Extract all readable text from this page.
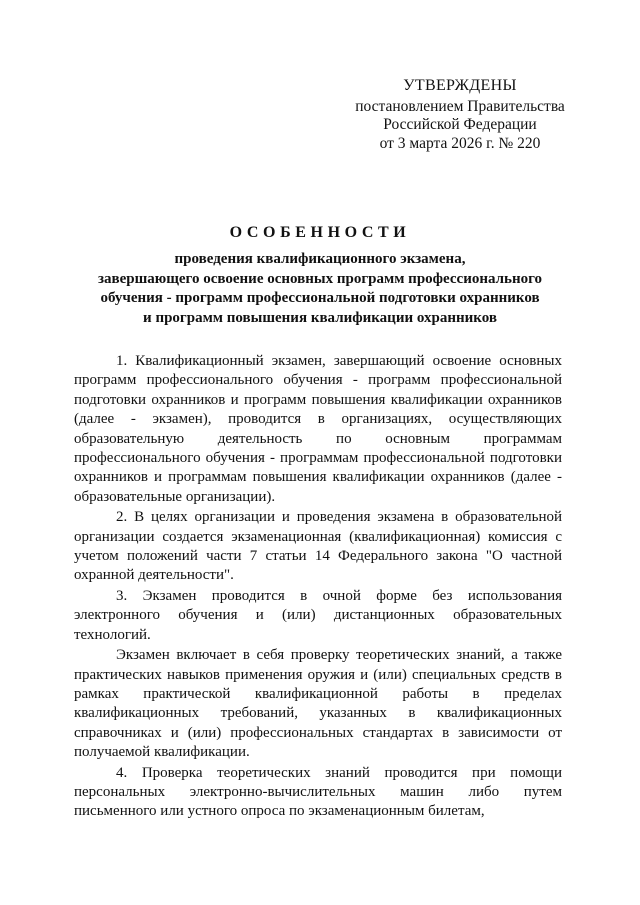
УТВЕРЖДЕНЫ
постановлением Правительства
Российской Федерации
от 3 марта 2026 г. № 220
ОСОБЕННОСТИ
проведения квалификационного экзамена,
завершающего освоение основных программ профессионального
обучения - программ профессиональной подготовки охранников
и программ повышения квалификации охранников

1. Квалификационный экзамен, завершающий освоение основных программ профессионального обучения - программ профессиональной подготовки охранников и программ повышения квалификации охранников (далее - экзамен), проводится в организациях, осуществляющих образовательную деятельность по основным программам профессионального обучения - программам профессиональной подготовки охранников и программам повышения квалификации охранников (далее - образовательные организации).

2. В целях организации и проведения экзамена в образовательной организации создается экзаменационная (квалификационная) комиссия с учетом положений части 7 статьи 14 Федерального закона "О частной охранной деятельности".

3. Экзамен проводится в очной форме без использования электронного обучения и (или) дистанционных образовательных технологий.

Экзамен включает в себя проверку теоретических знаний, а также практических навыков применения оружия и (или) специальных средств в рамках практической квалификационной работы в пределах квалификационных требований, указанных в квалификационных справочниках и (или) профессиональных стандартах в зависимости от получаемой квалификации.

4. Проверка теоретических знаний проводится при помощи персональных электронно-вычислительных машин либо путем письменного или устного опроса по экзаменационным билетам,
